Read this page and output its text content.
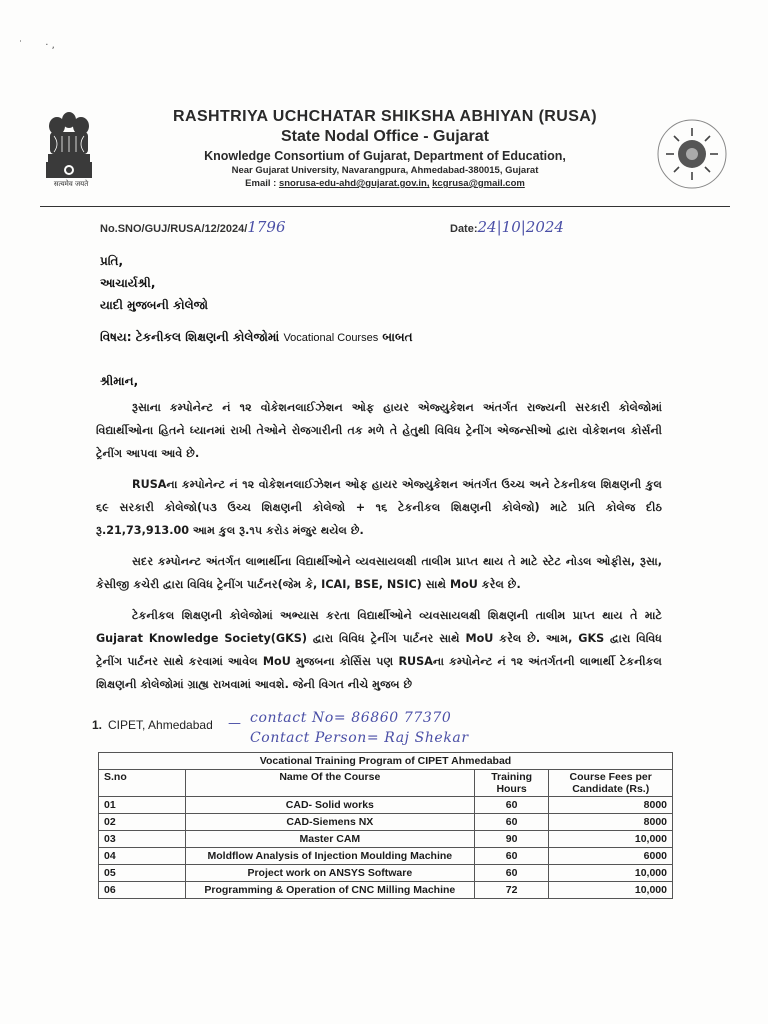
˙       · ,
सत्यमेव जयते
RASHTRIYA UCHCHATAR SHIKSHA ABHIYAN (RUSA)
State Nodal Office - Gujarat
Knowledge Consortium of Gujarat, Department of Education,
Near Gujarat University, Navarangpura, Ahmedabad-380015, Gujarat
Email : snorusa-edu-ahd@gujarat.gov.in, kcgrusa@gmail.com
No.SNO/GUJ/RUSA/12/2024/1796	Date:24|10|2024
પ્રતિ,
આચાર્યશ્રી,
યાદી મુજબની કોલેજો
વિષય: ટેકનીકલ શિક્ષણની કોલેજોમાં Vocational Courses બાબત
શ્રીમાન,

રૂસાના કમ્પોનેન્ટ નં ૧૨ વોકેશનલાઈઝેશન ઓફ હાયર એજ્યુકેશન અંતર્ગત રાજ્યની સરકારી કોલેજોમાં વિદ્યાર્થીઓના હિતને ધ્યાનમાં રાખી તેઓને રોજગારીની તક મળે તે હેતુથી વિવિધ ટ્રેનીંગ એજન્સીઓ દ્વારા વોકેશનલ કોર્સની ટ્રેનીંગ આપવા આવે છે.

RUSAના કમ્પોનેન્ટ નં ૧૨ વોકેશનલાઈઝેશન ઓફ હાયર એજ્યુકેશન અંતર્ગત ઉચ્ચ અને ટેકનીકલ શિક્ષણની કુલ ૬૯ સરકારી કોલેજો(૫૩ ઉચ્ચ શિક્ષણની કોલેજો + ૧૬ ટેકનીકલ શિક્ષણની કોલેજો) માટે પ્રતિ કોલેજ દીઠ રૂ.21,73,913.00 આમ કુલ રૂ.૧૫ કરોડ મંજુર થયેલ છે.

સદર કમ્પોનન્ટ અંતર્ગત લાભાર્થીના વિદ્યાર્થીઓને વ્યવસાયલક્ષી તાલીમ પ્રાપ્ત થાય તે માટે સ્ટેટ નોડલ ઓફીસ, રૂસા, કેસીજી કચેરી દ્વારા વિવિધ ટ્રેનીંગ પાર્ટનર(જેમ કે, ICAI, BSE, NSIC) સાથે MoU કરેલ છે.

ટેકનીકલ શિક્ષણની કોલેજોમાં અભ્યાસ કરતા વિદ્યાર્થીઓને વ્યવસાયલક્ષી શિક્ષણની તાલીમ પ્રાપ્ત થાય તે માટે Gujarat Knowledge Society(GKS) દ્વારા વિવિધ ટ્રેનીંગ પાર્ટનર સાથે MoU કરેલ છે. આમ, GKS દ્વારા વિવિધ ટ્રેનીંગ પાર્ટનર સાથે કરવામાં આવેલ MoU મુજબના કોર્સિસ પણ RUSAના કમ્પોનેન્ટ નં ૧૨ અંતર્ગતની લાભાર્થી ટેકનીકલ શિક્ષણની કોલેજોમાં ગ્રાહ્ય રાખવામાં આવશે. જેની વિગત નીચે મુજબ છે

1. CIPET, Ahmedabad — contact No= 86860 77370
Contact Person= Raj Shekar
Vocational Training Program of CIPET Ahmedabad			
S.no	Name Of the Course	Training Hours	Course Fees per Candidate (Rs.)
01	CAD- Solid works	60	8000
02	CAD-Siemens NX	60	8000
03	Master CAM	90	10,000
04	Moldflow Analysis of Injection Moulding Machine	60	6000
05	Project work on ANSYS Software	60	10,000
06	Programming & Operation of CNC Milling Machine	72	10,000
